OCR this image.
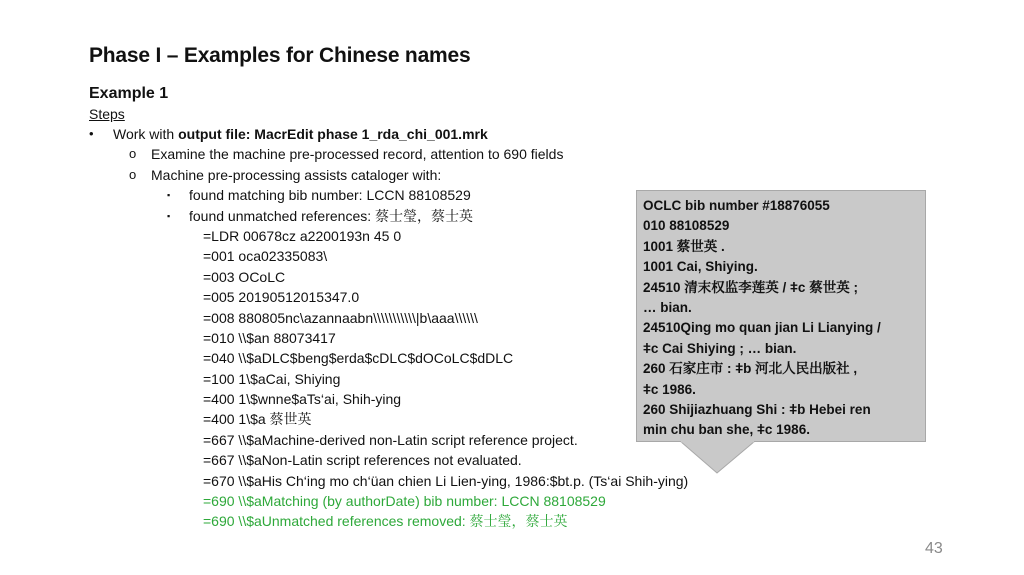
Phase I – Examples for Chinese names
Example 1
Steps
• Work with output file: MacrEdit phase 1_rda_chi_001.mrk
o Examine the machine pre-processed record, attention to 690 fields
o Machine pre-processing assists cataloger with:
▪ found matching bib number: LCCN 88108529
▪ found unmatched references: 蔡士瑩，蔡士英
=LDR 00678cz a2200193n 45 0
=001 oca02335083\
=003 OCoLC
=005 20190512015347.0
=008 880805nc\azannaabn\\\\\\\\\\\|b\aaa\\\\\\
=010 \\$an 88073417
=040 \\$aDLC$beng$erda$cDLC$dOCoLC$dDLC
=100 1\$aCai, Shiying
=400 1\$wnne$aTs‘ai, Shih-ying
=400 1\$a 蔡世英
=667 \\$aMachine-derived non-Latin script reference project.
=667 \\$aNon-Latin script references not evaluated.
=670 \\$aHis Ch‘ing mo ch‘üan chien Li Lien-ying, 1986:$bt.p. (Ts‘ai Shih-ying)
=690 \\$aMatching (by authorDate) bib number: LCCN 88108529
=690 \\$aUnmatched references removed: 蔡士瑩，蔡士英
OCLC bib number #18876055
010 88108529
1001 蔡世英 .
1001 Cai, Shiying.
24510 清末权监李莲英 / ǂc 蔡世英 ;
… bian.
24510Qing mo quan jian Li Lianying /
ǂc Cai Shiying ; … bian.
260 石家庄市 : ǂb 河北人民出版社 ,
ǂc 1986.
260 Shijiazhuang Shi : ǂb Hebei ren
min chu ban she, ǂc 1986.
43
